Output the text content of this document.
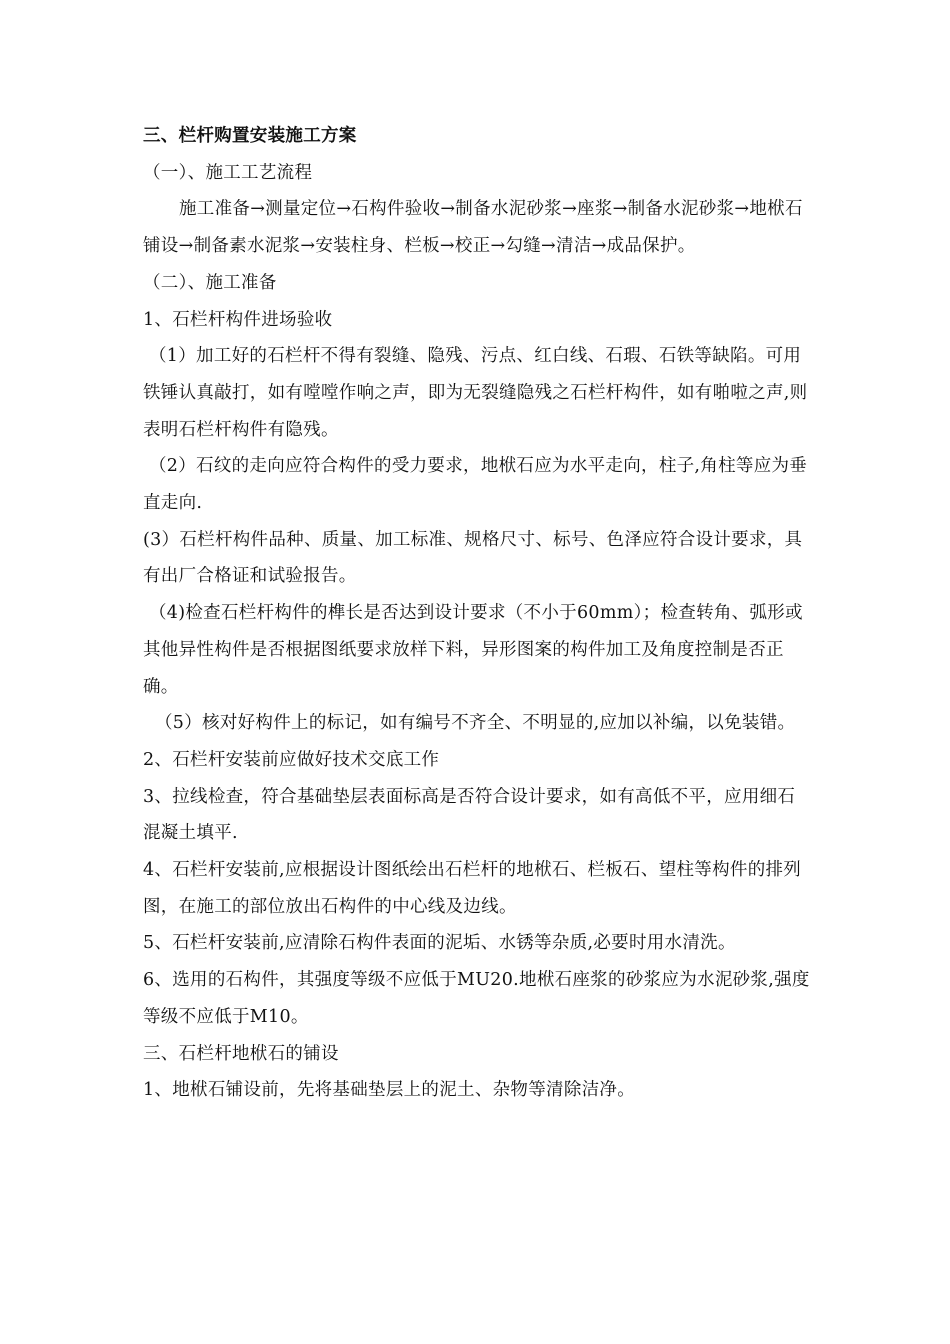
三、栏杆购置安装施工方案

（一）、施工工艺流程

施工准备→测量定位→石构件验收→制备水泥砂浆→座浆→制备水泥砂浆→地栿石铺设→制备素水泥浆→安装柱身、栏板→校正→勾缝→清洁→成品保护。

（二）、施工准备

1、石栏杆构件进场验收

（1）加工好的石栏杆不得有裂缝、隐残、污点、红白线、石瑕、石铁等缺陷。可用铁锤认真敲打，如有嘡嘡作响之声，即为无裂缝隐残之石栏杆构件，如有啪啦之声,则表明石栏杆构件有隐残。

（2）石纹的走向应符合构件的受力要求，地栿石应为水平走向，柱子,角柱等应为垂直走向.

(3）石栏杆构件品种、质量、加工标准、规格尺寸、标号、色泽应符合设计要求，具有出厂合格证和试验报告。

（4)检查石栏杆构件的榫长是否达到设计要求（不小于60mm）；检查转角、弧形或其他异性构件是否根据图纸要求放样下料，异形图案的构件加工及角度控制是否正确。

（5）核对好构件上的标记，如有编号不齐全、不明显的,应加以补编，以免装错。

2、石栏杆安装前应做好技术交底工作

3、拉线检查，符合基础垫层表面标高是否符合设计要求，如有高低不平，应用细石混凝土填平.

4、石栏杆安装前,应根据设计图纸绘出石栏杆的地栿石、栏板石、望柱等构件的排列图，在施工的部位放出石构件的中心线及边线。

5、石栏杆安装前,应清除石构件表面的泥垢、水锈等杂质,必要时用水清洗。

6、选用的石构件，其强度等级不应低于MU20.地栿石座浆的砂浆应为水泥砂浆,强度等级不应低于M10。

三、石栏杆地栿石的铺设

1、地栿石铺设前，先将基础垫层上的泥土、杂物等清除洁净。
